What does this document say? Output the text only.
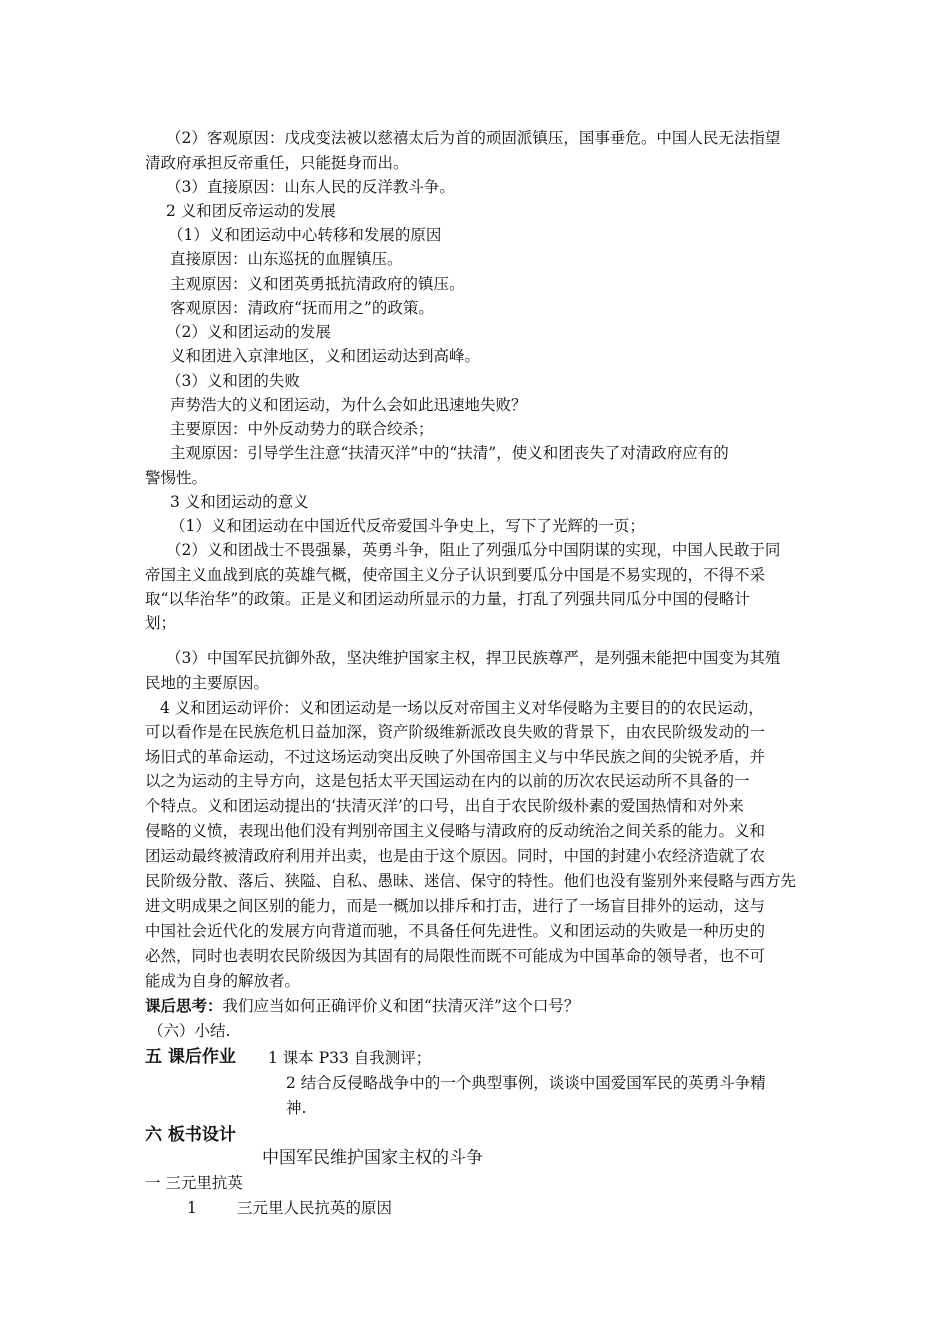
（2）客观原因：戊戌变法被以慈禧太后为首的顽固派镇压，国事垂危。中国人民无法指望
清政府承担反帝重任，只能挺身而出。
（3）直接原因：山东人民的反洋教斗争。
2 义和团反帝运动的发展
（1）义和团运动中心转移和发展的原因
直接原因：山东巡抚的血腥镇压。
主观原因：义和团英勇抵抗清政府的镇压。
客观原因：清政府“抚而用之”的政策。
（2）义和团运动的发展
义和团进入京津地区，义和团运动达到高峰。
（3）义和团的失败
声势浩大的义和团运动，为什么会如此迅速地失败？
主要原因：中外反动势力的联合绞杀；
主观原因：引导学生注意“扶清灭洋”中的“扶清”，使义和团丧失了对清政府应有的
警惕性。
3 义和团运动的意义
（1）义和团运动在中国近代反帝爱国斗争史上，写下了光辉的一页；
（2）义和团战士不畏强暴，英勇斗争，阻止了列强瓜分中国阴谋的实现，中国人民敢于同
帝国主义血战到底的英雄气概，使帝国主义分子认识到要瓜分中国是不易实现的，不得不采
取“以华治华”的政策。正是义和团运动所显示的力量，打乱了列强共同瓜分中国的侵略计
划；
（3）中国军民抗御外敌，坚决维护国家主权，捍卫民族尊严，是列强未能把中国变为其殖
民地的主要原因。
4 义和团运动评价：义和团运动是一场以反对帝国主义对华侵略为主要目的的农民运动，
可以看作是在民族危机日益加深，资产阶级维新派改良失败的背景下，由农民阶级发动的一
场旧式的革命运动，不过这场运动突出反映了外国帝国主义与中华民族之间的尖锐矛盾，并
以之为运动的主导方向，这是包括太平天国运动在内的以前的历次农民运动所不具备的一
个特点。义和团运动提出的‘扶清灭洋’的口号，出自于农民阶级朴素的爱国热情和对外来
侵略的义愤，表现出他们没有判别帝国主义侵略与清政府的反动统治之间关系的能力。义和
团运动最终被清政府利用并出卖，也是由于这个原因。同时，中国的封建小农经济造就了农
民阶级分散、落后、狭隘、自私、愚昧、迷信、保守的特性。他们也没有鉴别外来侵略与西方先
进文明成果之间区别的能力，而是一概加以排斥和打击，进行了一场盲目排外的运动，这与
中国社会近代化的发展方向背道而驰，不具备任何先进性。义和团运动的失败是一种历史的
必然，同时也表明农民阶级因为其固有的局限性而既不可能成为中国革命的领导者，也不可
能成为自身的解放者。
课后思考：我们应当如何正确评价义和团“扶清灭洋”这个口号？
（六）小结.
五 课后作业 1 课本 P33 自我测评；
2 结合反侵略战争中的一个典型事例，谈谈中国爱国军民的英勇斗争精
神.
六 板书设计
中国军民维护国家主权的斗争
一 三元里抗英
1	三元里人民抗英的原因
